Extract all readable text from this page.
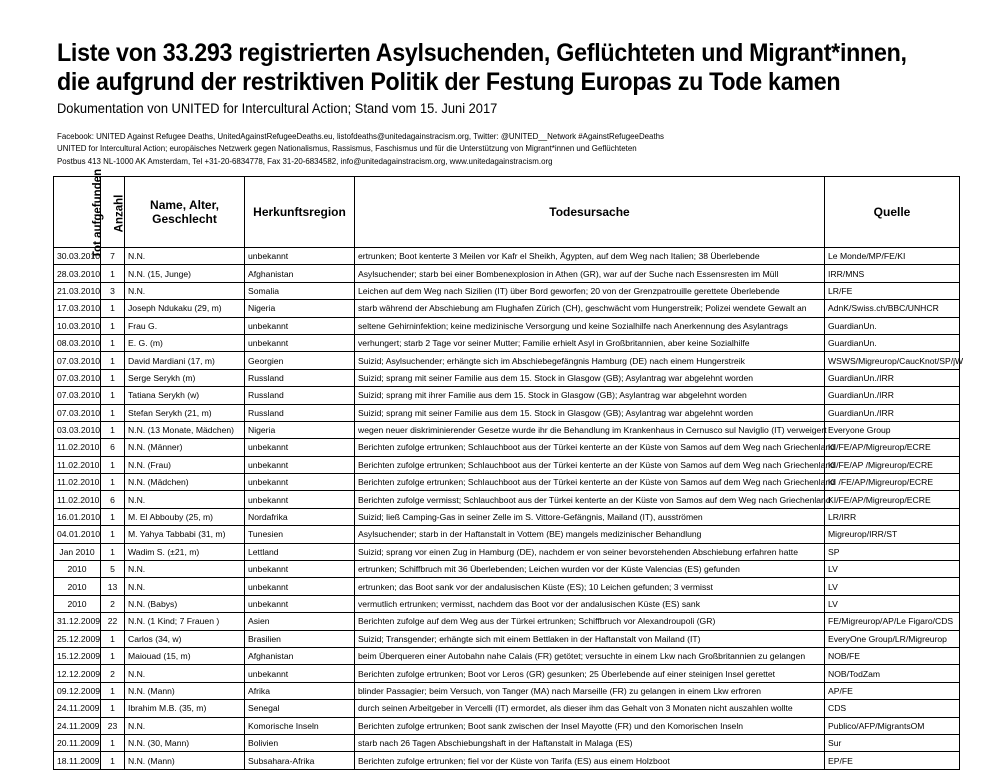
Liste von 33.293 registrierten Asylsuchenden, Geflüchteten und Migrant*innen,
die aufgrund der restriktiven Politik der Festung Europas zu Tode kamen
Dokumentation von UNITED for Intercultural Action; Stand vom 15. Juni 2017
Facebook: UNITED Against Refugee Deaths, UnitedAgainstRefugeeDeaths.eu, listofdeaths@unitedagainstracism.org, Twitter: @UNITED__Network #AgainstRefugeeDeaths
UNITED for Intercultural Action; europäisches Netzwerk gegen Nationalismus, Rassismus, Faschismus und für die Unterstützung von Migrant*innen und Geflüchteten
Postbus 413 NL-1000 AK Amsterdam, Tel +31-20-6834778, Fax 31-20-6834582, info@unitedagainstracism.org, www.unitedagainstracism.org
Tot aufgefunden	Anzahl	Name, Alter, Geschlecht	Herkunftsregion	Todesursache	Quelle
30.03.2010	7	N.N.	unbekannt	ertrunken; Boot kenterte 3 Meilen vor Kafr el Sheikh, Ägypten, auf dem Weg nach Italien; 38 Überlebende	Le Monde/MP/FE/KI
28.03.2010	1	N.N. (15, Junge)	Afghanistan	Asylsuchender; starb bei einer Bombenexplosion in Athen (GR), war auf der Suche nach Essensresten im Müll	IRR/MNS
21.03.2010	3	N.N.	Somalia	Leichen auf dem Weg nach Sizilien (IT) über Bord geworfen; 20 von der Grenzpatrouille gerettete Überlebende	LR/FE
17.03.2010	1	Joseph Ndukaku (29, m)	Nigeria	starb während der Abschiebung am Flughafen Zürich (CH), geschwächt vom Hungerstreik; Polizei wendete Gewalt an	AdnK/Swiss.ch/BBC/UNHCR
10.03.2010	1	Frau G.	unbekannt	seltene Gehirninfektion; keine medizinische Versorgung und keine Sozialhilfe nach Anerkennung des Asylantrags	GuardianUn.
08.03.2010	1	E. G. (m)	unbekannt	verhungert; starb 2 Tage vor seiner Mutter; Familie erhielt Asyl in Großbritannien, aber keine Sozialhilfe	GuardianUn.
07.03.2010	1	David Mardiani (17, m)	Georgien	Suizid; Asylsuchender; erhängte sich im Abschiebegefängnis Hamburg (DE) nach einem Hungerstreik	WSWS/Migreurop/CaucKnot/SP/jW
07.03.2010	1	Serge Serykh (m)	Russland	Suizid; sprang mit seiner Familie aus dem 15. Stock in Glasgow (GB); Asylantrag war abgelehnt worden	GuardianUn./IRR
07.03.2010	1	Tatiana Serykh (w)	Russland	Suizid; sprang mit ihrer Familie aus dem 15. Stock in Glasgow (GB); Asylantrag war abgelehnt worden	GuardianUn./IRR
07.03.2010	1	Stefan Serykh (21, m)	Russland	Suizid; sprang mit seiner Familie aus dem 15. Stock in Glasgow (GB); Asylantrag war abgelehnt worden	GuardianUn./IRR
03.03.2010	1	N.N. (13 Monate, Mädchen)	Nigeria	wegen neuer diskriminierender Gesetze wurde ihr die Behandlung im Krankenhaus in Cernusco sul Naviglio (IT) verweigert	Everyone Group
11.02.2010	6	N.N. (Männer)	unbekannt	Berichten zufolge ertrunken; Schlauchboot aus der Türkei kenterte an der Küste von Samos auf dem Weg nach Griechenland	KI/FE/AP/Migreurop/ECRE
11.02.2010	1	N.N. (Frau)	unbekannt	Berichten zufolge ertrunken; Schlauchboot aus der Türkei kenterte an der Küste von Samos auf dem Weg nach Griechenland	KI/FE/AP /Migreurop/ECRE
11.02.2010	1	N.N. (Mädchen)	unbekannt	Berichten zufolge ertrunken; Schlauchboot aus der Türkei kenterte an der Küste von Samos auf dem Weg nach Griechenland	KI /FE/AP/Migreurop/ECRE
11.02.2010	6	N.N.	unbekannt	Berichten zufolge vermisst; Schlauchboot aus der Türkei kenterte an der Küste von Samos auf dem Weg nach Griechenland	KI/FE/AP/Migreurop/ECRE
16.01.2010	1	M. El Abbouby (25, m)	Nordafrika	Suizid; ließ Camping-Gas in seiner Zelle im S. Vittore-Gefängnis, Mailand (IT), ausströmen	LR/IRR
04.01.2010	1	M. Yahya Tabbabi (31, m)	Tunesien	Asylsuchender; starb in der Haftanstalt in Vottem (BE) mangels medizinischer Behandlung	Migreurop/IRR/ST
Jan 2010	1	Wadim S. (±21, m)	Lettland	Suizid; sprang vor einen Zug in Hamburg (DE), nachdem er von seiner bevorstehenden Abschiebung erfahren hatte	SP
2010	5	N.N.	unbekannt	ertrunken; Schiffbruch mit 36 Überlebenden; Leichen wurden vor der Küste Valencias (ES) gefunden	LV
2010	13	N.N.	unbekannt	ertrunken; das Boot sank vor der andalusischen Küste (ES); 10 Leichen gefunden; 3 vermisst	LV
2010	2	N.N. (Babys)	unbekannt	vermutlich ertrunken; vermisst, nachdem das Boot vor der andalusischen Küste (ES) sank	LV
31.12.2009	22	N.N. (1 Kind; 7 Frauen )	Asien	Berichten zufolge auf dem Weg aus der Türkei ertrunken; Schiffbruch vor Alexandroupoli (GR)	FE/Migreurop/AP/Le Figaro/CDS
25.12.2009	1	Carlos (34, w)	Brasilien	Suizid; Transgender; erhängte sich mit einem Bettlaken in der Haftanstalt von Mailand (IT)	EveryOne Group/LR/Migreurop
15.12.2009	1	Maiouad (15, m)	Afghanistan	beim Überqueren einer Autobahn nahe Calais (FR) getötet; versuchte in einem Lkw nach Großbritannien zu gelangen	NOB/FE
12.12.2009	2	N.N.	unbekannt	Berichten zufolge ertrunken; Boot vor Leros (GR) gesunken; 25 Überlebende auf einer steinigen Insel gerettet	NOB/TodZam
09.12.2009	1	N.N. (Mann)	Afrika	blinder Passagier; beim Versuch, von Tanger (MA) nach Marseille (FR) zu gelangen in einem Lkw erfroren	AP/FE
24.11.2009	1	Ibrahim M.B. (35, m)	Senegal	durch seinen Arbeitgeber in Vercelli (IT) ermordet, als dieser ihm das Gehalt von 3 Monaten nicht auszahlen wollte	CDS
24.11.2009	23	N.N.	Komorische Inseln	Berichten zufolge ertrunken; Boot sank zwischen der Insel Mayotte (FR) und den Komorischen Inseln	Publico/AFP/MigrantsOM
20.11.2009	1	N.N. (30, Mann)	Bolivien	starb nach 26 Tagen Abschiebungshaft in der Haftanstalt in Malaga (ES)	Sur
18.11.2009	1	N.N. (Mann)	Subsahara-Afrika	Berichten zufolge ertrunken; fiel vor der Küste von Tarifa (ES) aus einem Holzboot	EP/FE
